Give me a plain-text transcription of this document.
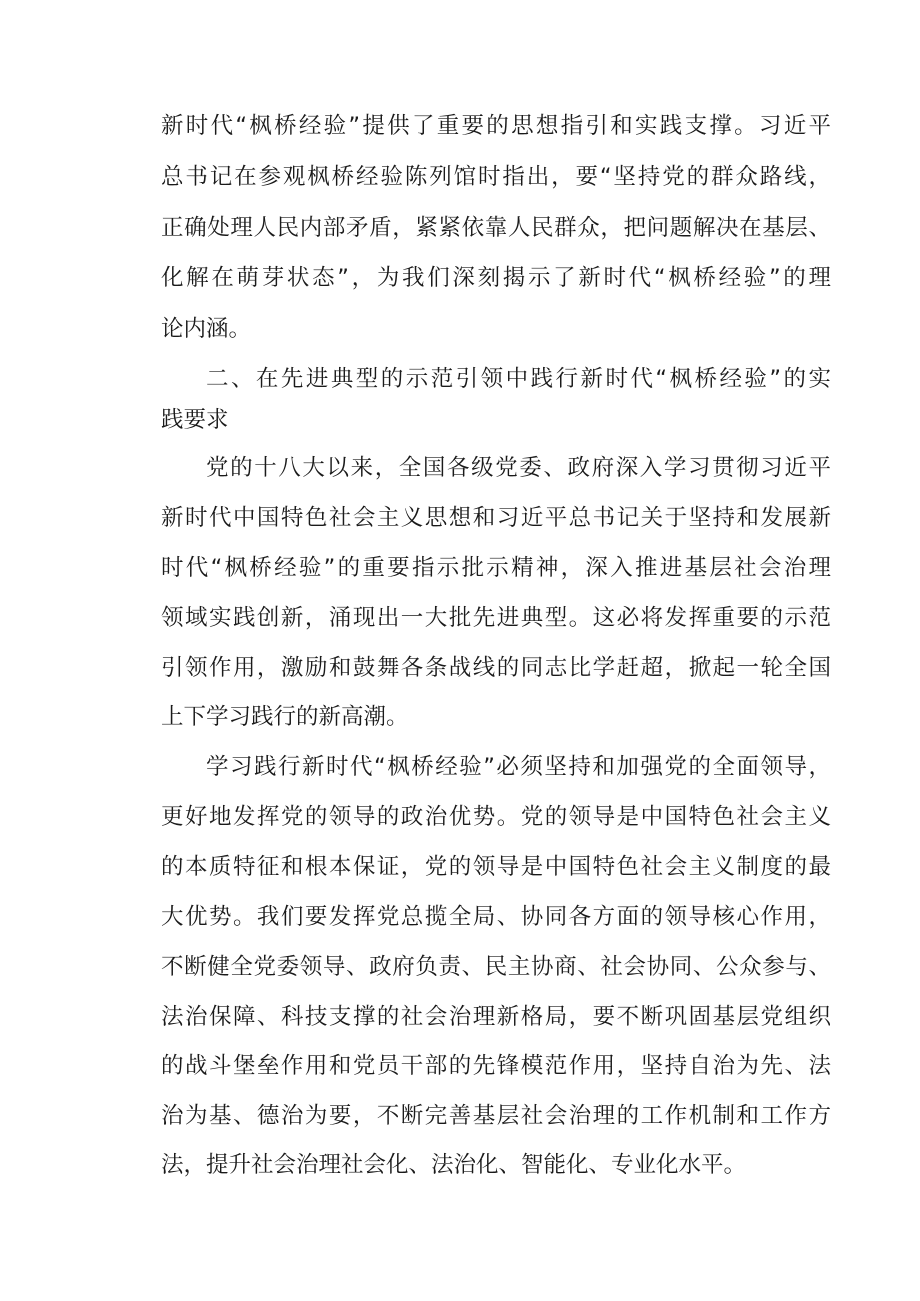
新时代“枫桥经验”提供了重要的思想指引和实践支撑。习近平
总书记在参观枫桥经验陈列馆时指出，要“坚持党的群众路线，
正确处理人民内部矛盾，紧紧依靠人民群众，把问题解决在基层、
化解在萌芽状态”，为我们深刻揭示了新时代“枫桥经验”的理
论内涵。
二、在先进典型的示范引领中践行新时代“枫桥经验”的实
践要求
党的十八大以来，全国各级党委、政府深入学习贯彻习近平
新时代中国特色社会主义思想和习近平总书记关于坚持和发展新
时代“枫桥经验”的重要指示批示精神，深入推进基层社会治理
领域实践创新，涌现出一大批先进典型。这必将发挥重要的示范
引领作用，激励和鼓舞各条战线的同志比学赶超，掀起一轮全国
上下学习践行的新高潮。
学习践行新时代“枫桥经验”必须坚持和加强党的全面领导，
更好地发挥党的领导的政治优势。党的领导是中国特色社会主义
的本质特征和根本保证，党的领导是中国特色社会主义制度的最
大优势。我们要发挥党总揽全局、协同各方面的领导核心作用，
不断健全党委领导、政府负责、民主协商、社会协同、公众参与、
法治保障、科技支撑的社会治理新格局，要不断巩固基层党组织
的战斗堡垒作用和党员干部的先锋模范作用，坚持自治为先、法
治为基、德治为要，不断完善基层社会治理的工作机制和工作方
法，提升社会治理社会化、法治化、智能化、专业化水平。
